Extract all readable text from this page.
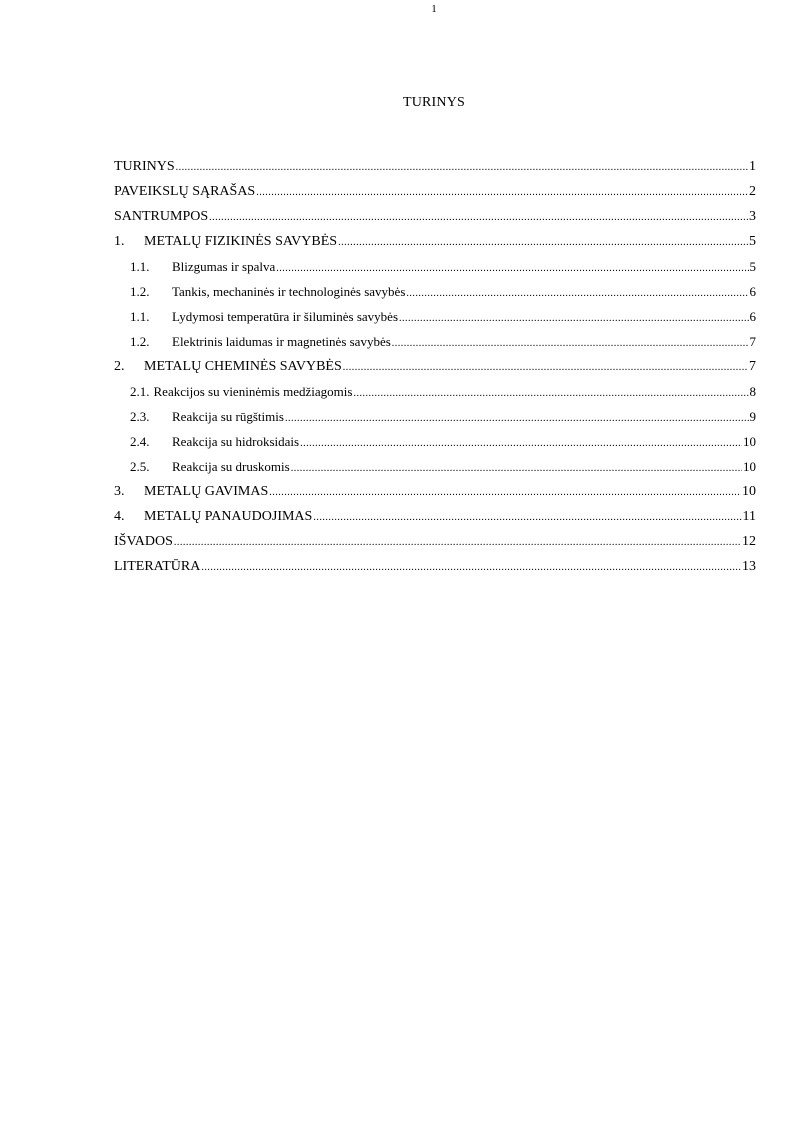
1
TURINYS
TURINYS .....	1
PAVEIKSLŲ SĄRAŠAS .....	2
SANTRUMPOS .....	3
1.	METALŲ FIZIKINĖS SAVYBĖS .....	5
1.1.	Blizgumas ir spalva .....	5
1.2.	Tankis, mechaninės ir technologinės savybės .....	6
1.1.	Lydymosi temperatūra ir šiluminės savybės .....	6
1.2.	Elektrinis laidumas ir magnetinės savybės .....	7
2.	METALŲ CHEMINĖS SAVYBĖS .....	7
2.1. Reakcijos su vieninėmis medžiagomis .....	8
2.3.	Reakcija su rūgštimis .....	9
2.4.	Reakcija su hidroksidais .....	10
2.5.	Reakcija su druskomis .....	10
3.	METALŲ GAVIMAS .....	10
4.	METALŲ PANAUDOJIMAS .....	11
IŠVADOS .....	12
LITERATŪRA .....	13
